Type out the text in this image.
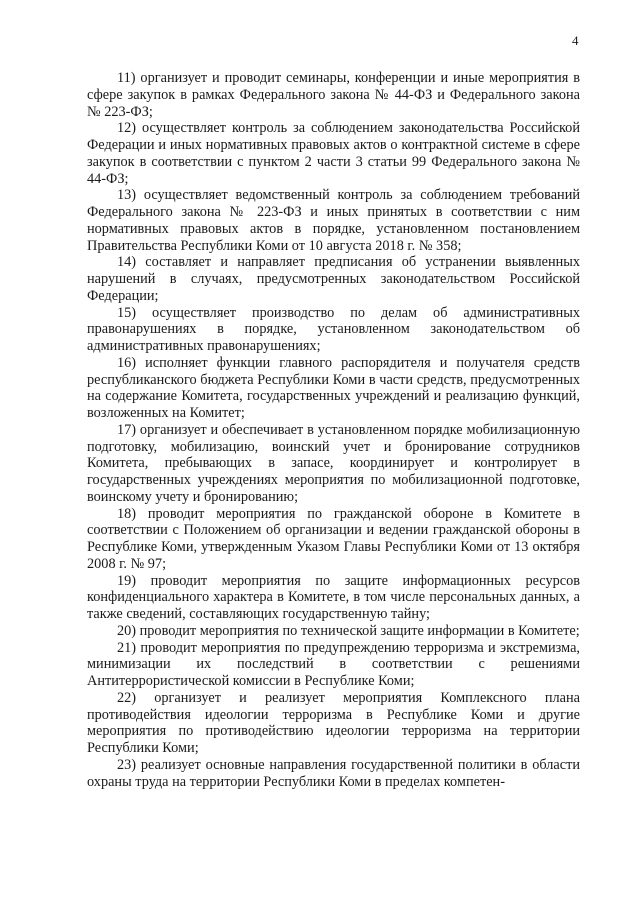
4

11) организует и проводит семинары, конференции и иные мероприятия в сфере закупок в рамках Федерального закона № 44-ФЗ и Федерального закона № 223-ФЗ;

12) осуществляет контроль за соблюдением законодательства Российской Федерации и иных нормативных правовых актов о контрактной системе в сфере закупок в соответствии с пунктом 2 части 3 статьи 99 Федерального закона № 44-ФЗ;

13) осуществляет ведомственный контроль за соблюдением требований Федерального закона № 223-ФЗ и иных принятых в соответствии с ним нормативных правовых актов в порядке, установленном постановлением Правительства Республики Коми от 10 августа 2018 г. № 358;

14) составляет и направляет предписания об устранении выявленных нарушений в случаях, предусмотренных законодательством Российской Федерации;

15) осуществляет производство по делам об административных правонарушениях в порядке, установленном законодательством об административных правонарушениях;

16) исполняет функции главного распорядителя и получателя средств республиканского бюджета Республики Коми в части средств, предусмотренных на содержание Комитета, государственных учреждений и реализацию функций, возложенных на Комитет;

17) организует и обеспечивает в установленном порядке мобилизационную подготовку, мобилизацию, воинский учет и бронирование сотрудников Комитета, пребывающих в запасе, координирует и контролирует в государственных учреждениях мероприятия по мобилизационной подготовке, воинскому учету и бронированию;

18) проводит мероприятия по гражданской обороне в Комитете в соответствии с Положением об организации и ведении гражданской обороны в Республике Коми, утвержденным Указом Главы Республики Коми от 13 октября 2008 г. № 97;

19) проводит мероприятия по защите информационных ресурсов конфиденциального характера в Комитете, в том числе персональных данных, а также сведений, составляющих государственную тайну;

20) проводит мероприятия по технической защите информации в Комитете;

21) проводит мероприятия по предупреждению терроризма и экстремизма, минимизации их последствий в соответствии с решениями Антитеррористической комиссии в Республике Коми;

22) организует и реализует мероприятия Комплексного плана противодействия идеологии терроризма в Республике Коми и другие мероприятия по противодействию идеологии терроризма на территории Республики Коми;

23) реализует основные направления государственной политики в области охраны труда на территории Республики Коми в пределах компетен-
